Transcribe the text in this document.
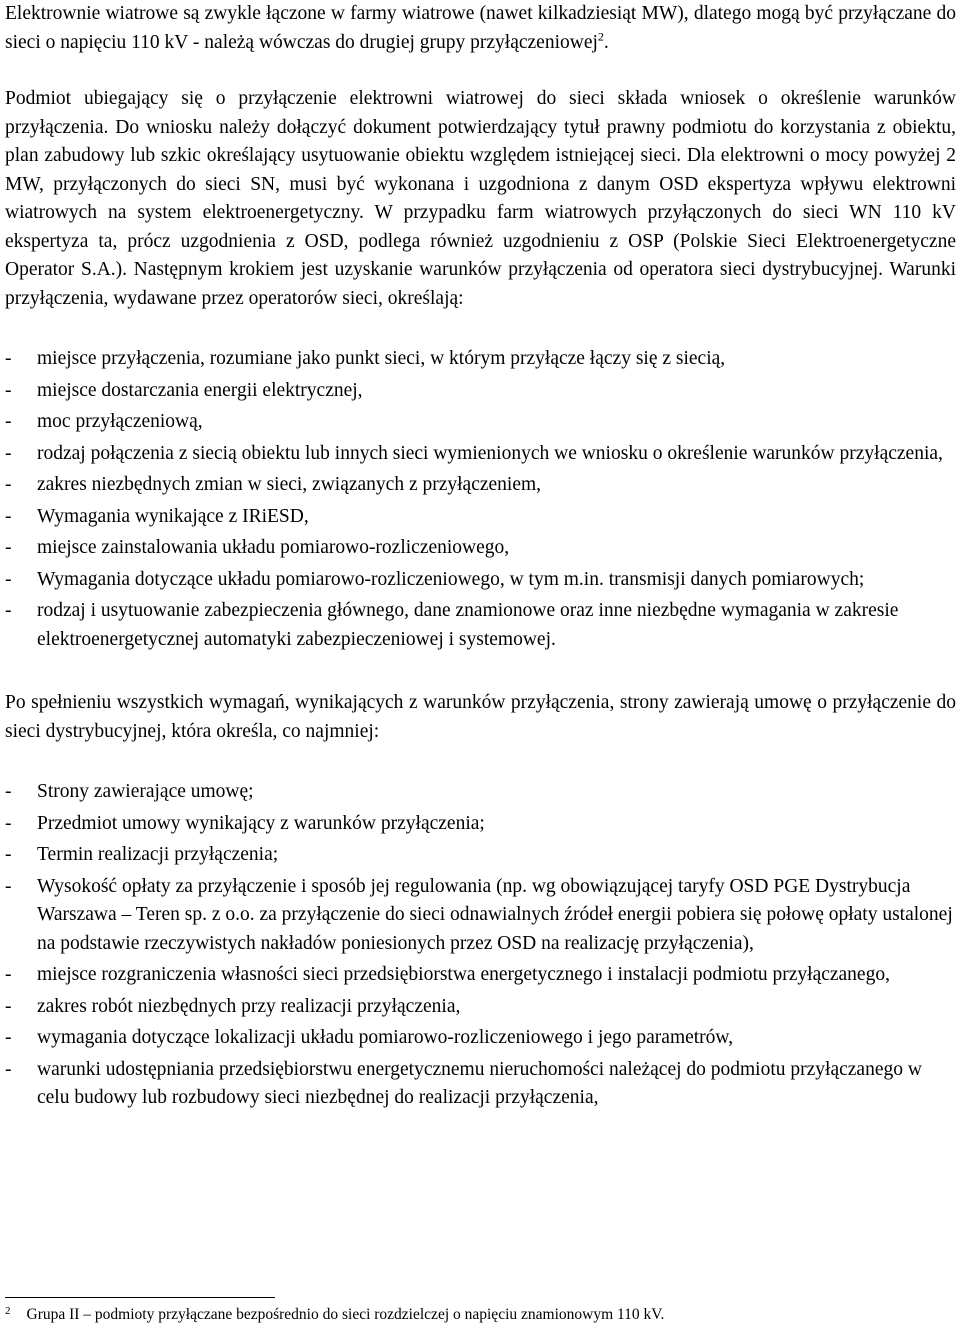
Elektrownie wiatrowe są zwykle łączone w farmy wiatrowe (nawet kilkadziesiąt MW), dlatego mogą być przyłączane do sieci o napięciu 110 kV - należą wówczas do drugiej grupy przyłączeniowej$^2$.

Podmiot ubiegający się o przyłączenie elektrowni wiatrowej do sieci składa wniosek o określenie warunków przyłączenia. Do wniosku należy dołączyć dokument potwierdzający tytuł prawny podmiotu do korzystania z obiektu, plan zabudowy lub szkic określający usytuowanie obiektu względem istniejącej sieci. Dla elektrowni o mocy powyżej 2 MW, przyłączonych do sieci SN, musi być wykonana i uzgodniona z danym OSD ekspertyza wpływu elektrowni wiatrowych na system elektroenergetyczny. W przypadku farm wiatrowych przyłączonych do sieci WN 110 kV ekspertyza ta, prócz uzgodnienia z OSD, podlega również uzgodnieniu z OSP (Polskie Sieci Elektroenergetyczne Operator S.A.). Następnym krokiem jest uzyskanie warunków przyłączenia od operatora sieci dystrybucyjnej. Warunki przyłączenia, wydawane przez operatorów sieci, określają:

- miejsce przyłączenia, rozumiane jako punkt sieci, w którym przyłącze łączy się z siecią,
- miejsce dostarczania energii elektrycznej,
- moc przyłączeniową,
- rodzaj połączenia z siecią obiektu lub innych sieci wymienionych we wniosku o określenie warunków przyłączenia,
- zakres niezbędnych zmian w sieci, związanych z przyłączeniem,
- Wymagania wynikające z IRiESD,
- miejsce zainstalowania układu pomiarowo-rozliczeniowego,
- Wymagania dotyczące układu pomiarowo-rozliczeniowego, w tym m.in. transmisji danych pomiarowych;
- rodzaj i usytuowanie zabezpieczenia głównego, dane znamionowe oraz inne niezbędne wymagania w zakresie elektroenergetycznej automatyki zabezpieczeniowej i systemowej.

Po spełnieniu wszystkich wymagań, wynikających z warunków przyłączenia, strony zawierają umowę o przyłączenie do sieci dystrybucyjnej, która określa, co najmniej:

- Strony zawierające umowę;
- Przedmiot umowy wynikający z warunków przyłączenia;
- Termin realizacji przyłączenia;
- Wysokość opłaty za przyłączenie i sposób jej regulowania (np. wg obowiązującej taryfy OSD PGE Dystrybucja Warszawa – Teren sp. z o.o. za przyłączenie do sieci odnawialnych źródeł energii pobiera się połowę opłaty ustalonej na podstawie rzeczywistych nakładów poniesionych przez OSD na realizację przyłączenia),
- miejsce rozgraniczenia własności sieci przedsiębiorstwa energetycznego i instalacji podmiotu przyłączanego,
- zakres robót niezbędnych przy realizacji przyłączenia,
- wymagania dotyczące lokalizacji układu pomiarowo-rozliczeniowego i jego parametrów,
- warunki udostępniania przedsiębiorstwu energetycznemu nieruchomości należącej do podmiotu przyłączanego w celu budowy lub rozbudowy sieci niezbędnej do realizacji przyłączenia,
$^2$ Grupa II – podmioty przyłączane bezpośrednio do sieci rozdzielczej o napięciu znamionowym 110 kV.
